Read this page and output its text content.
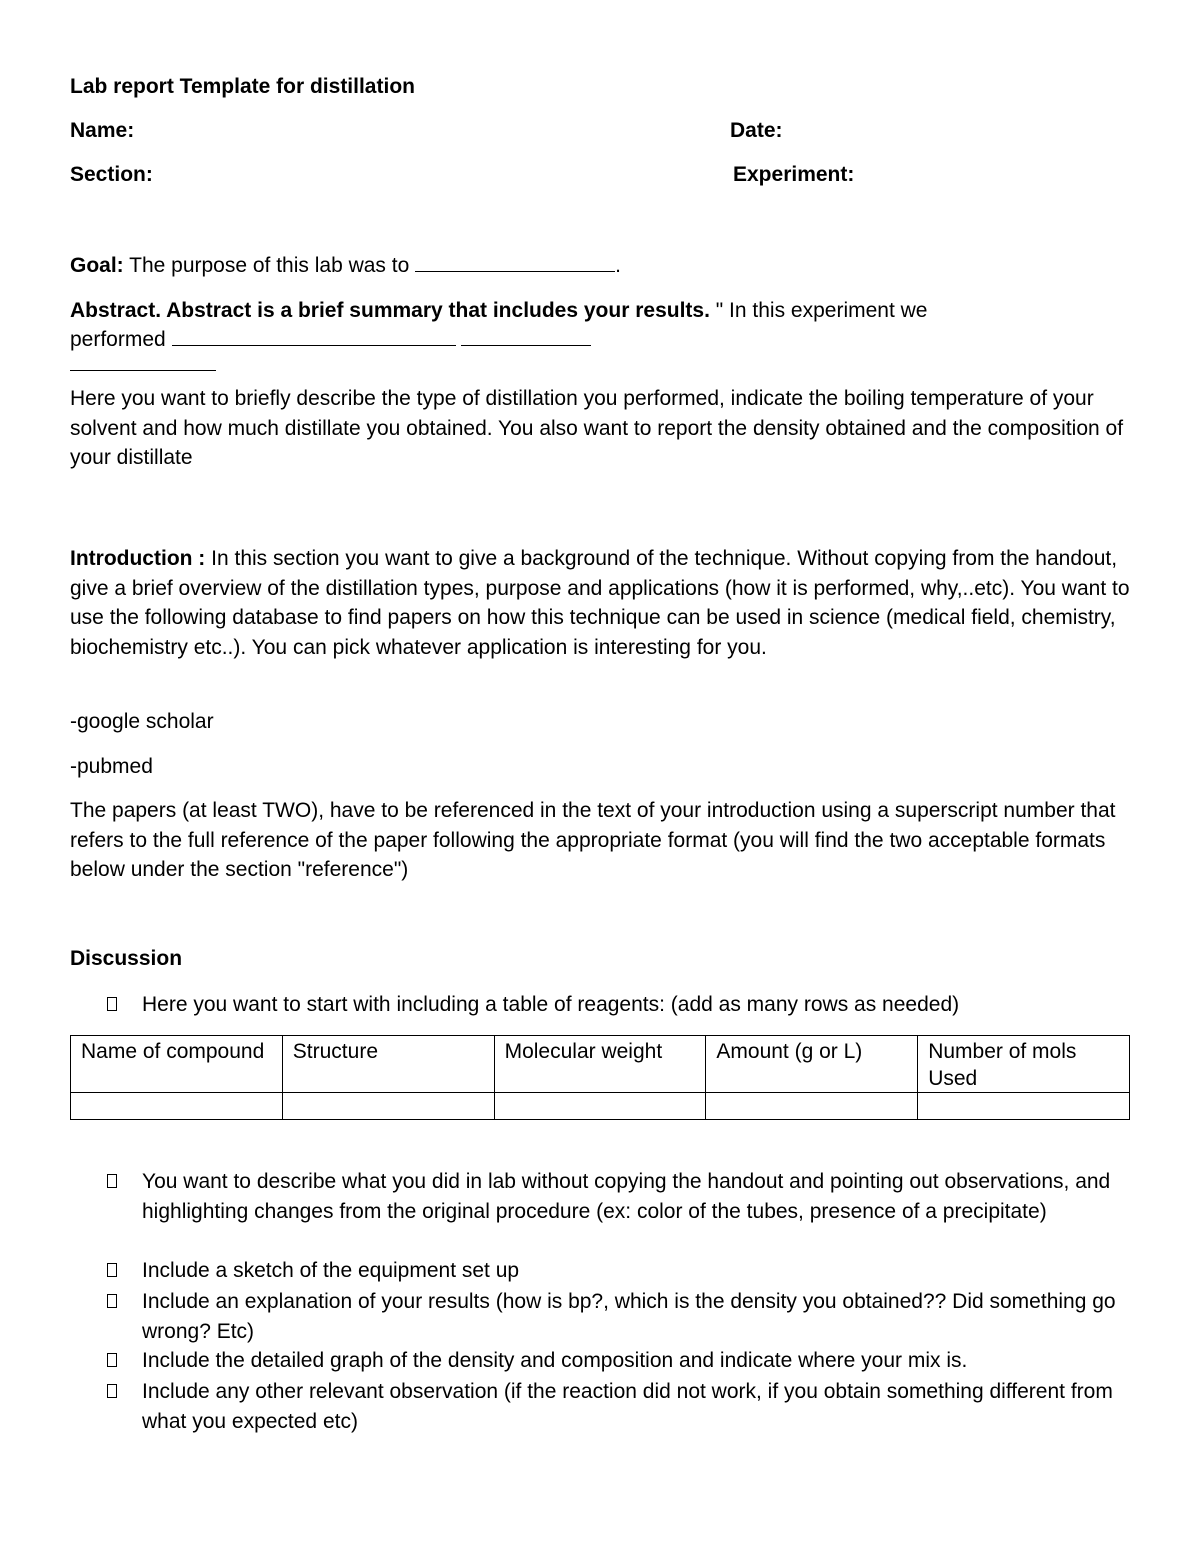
Lab report Template for distillation
Name:	Date:
Section:	Experiment:
Goal: The purpose of this lab was to	.
Abstract. Abstract is a brief summary that includes your results. " In this experiment we
performed
Here you want to briefly describe the type of distillation you performed, indicate the boiling temperature of your solvent and how much distillate you obtained. You also want to report the density obtained and the composition of your distillate
Introduction : In this section you want to give a background of the technique. Without copying from the handout, give a brief overview of the distillation types, purpose and applications (how it is performed, why,..etc). You want to use the following database to find papers on how this technique can be used in science (medical field, chemistry, biochemistry etc..). You can pick whatever application is interesting for you.
-google scholar
-pubmed
The papers (at least TWO), have to be referenced in the text of your introduction using a superscript number that refers to the full reference of the paper following the appropriate format (you will find the two acceptable formats below under the section "reference")
Discussion
Here you want to start with including a table of reagents: (add as many rows as needed)
Name of compound	Structure	Molecular weight	Amount (g or L)	Number of mols Used

You want to describe what you did in lab without copying the handout and pointing out observations, and highlighting changes from the original procedure (ex: color of the tubes, presence of a precipitate)
Include a sketch of the equipment set up
Include an explanation of your results (how is bp?, which is the density you obtained?? Did something go wrong? Etc)
Include the detailed graph of the density and composition and indicate where your mix is.
Include any other relevant observation (if the reaction did not work, if you obtain something different from what you expected etc)
